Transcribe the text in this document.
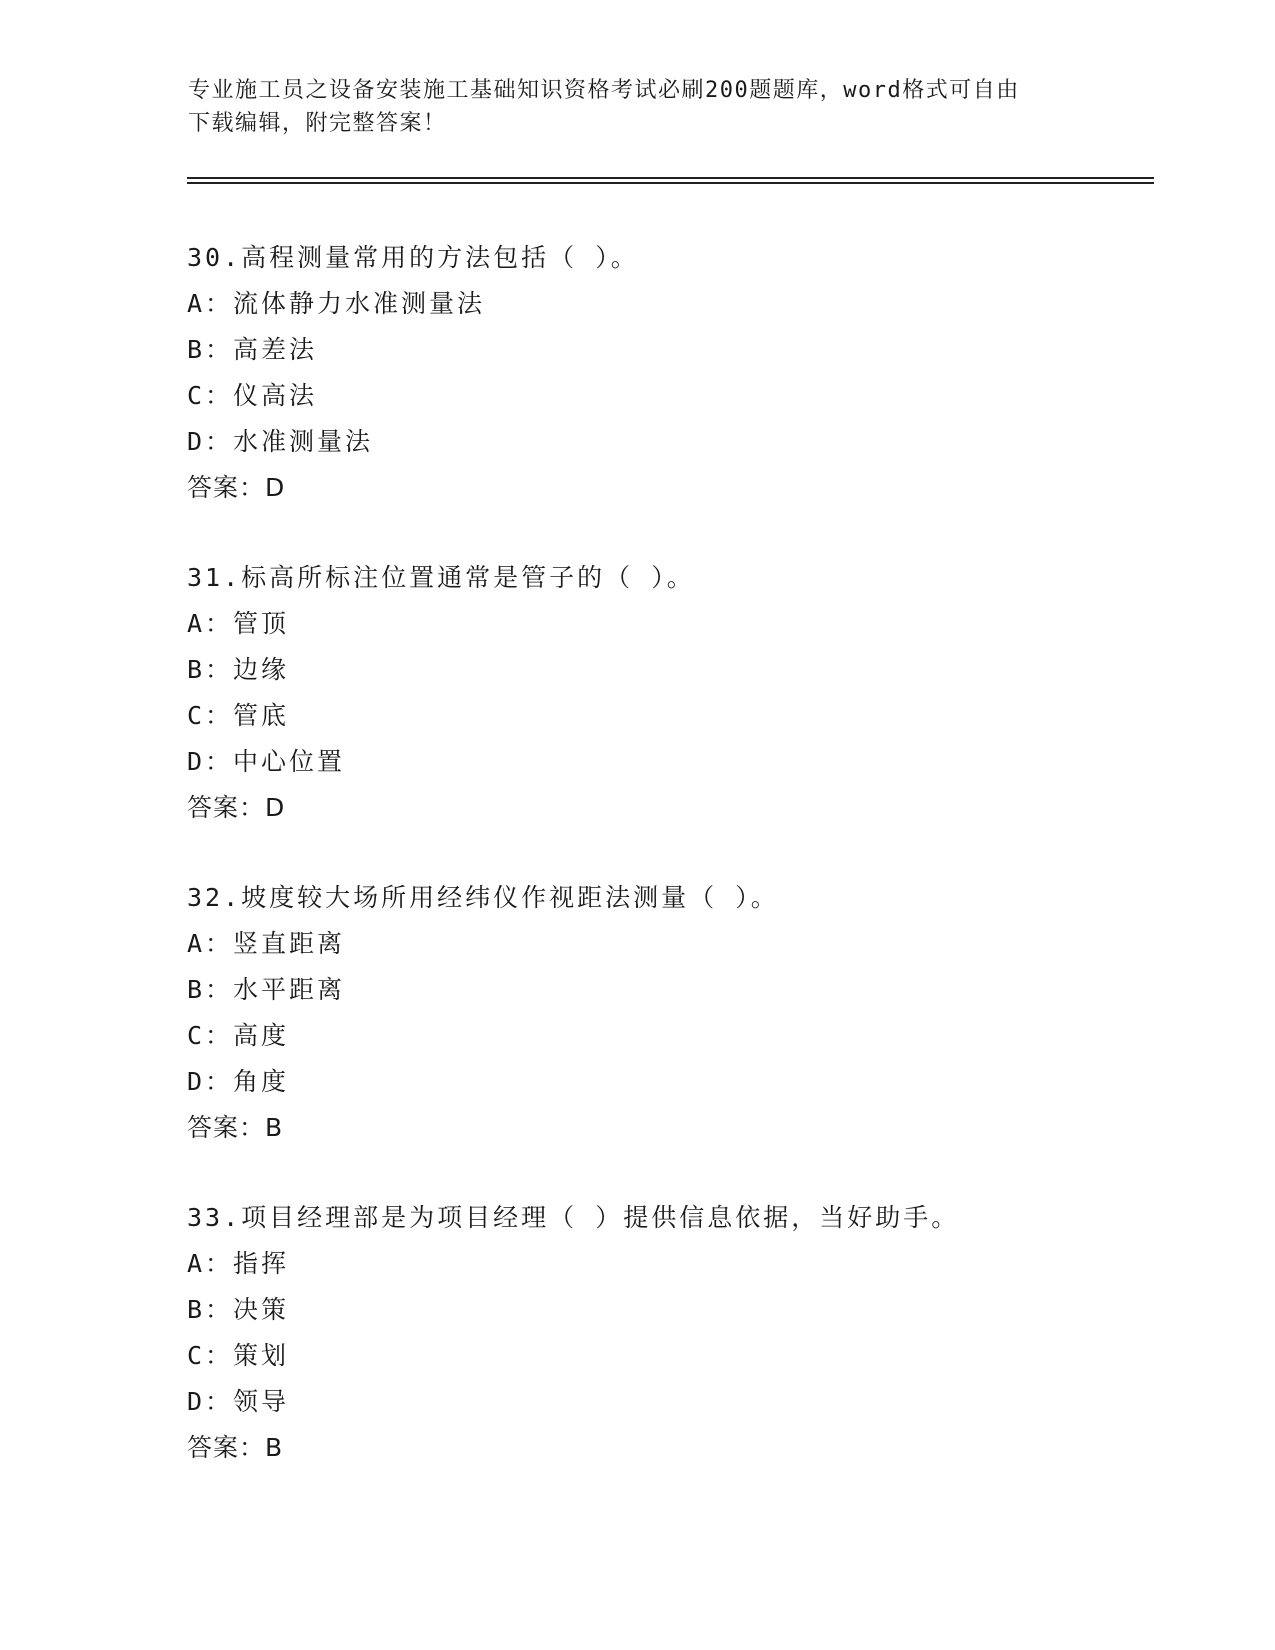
专业施工员之设备安装施工基础知识资格考试必刷200题题库，word格式可自由
下载编辑，附完整答案！
30.高程测量常用的方法包括（ ）。
A：流体静力水准测量法
B：高差法
C：仪高法
D：水准测量法
答案：D
31.标高所标注位置通常是管子的（ ）。
A：管顶
B：边缘
C：管底
D：中心位置
答案：D
32.坡度较大场所用经纬仪作视距法测量（ ）。
A：竖直距离
B：水平距离
C：高度
D：角度
答案：B
33.项目经理部是为项目经理（ ）提供信息依据，当好助手。
A：指挥
B：决策
C：策划
D：领导
答案：B
